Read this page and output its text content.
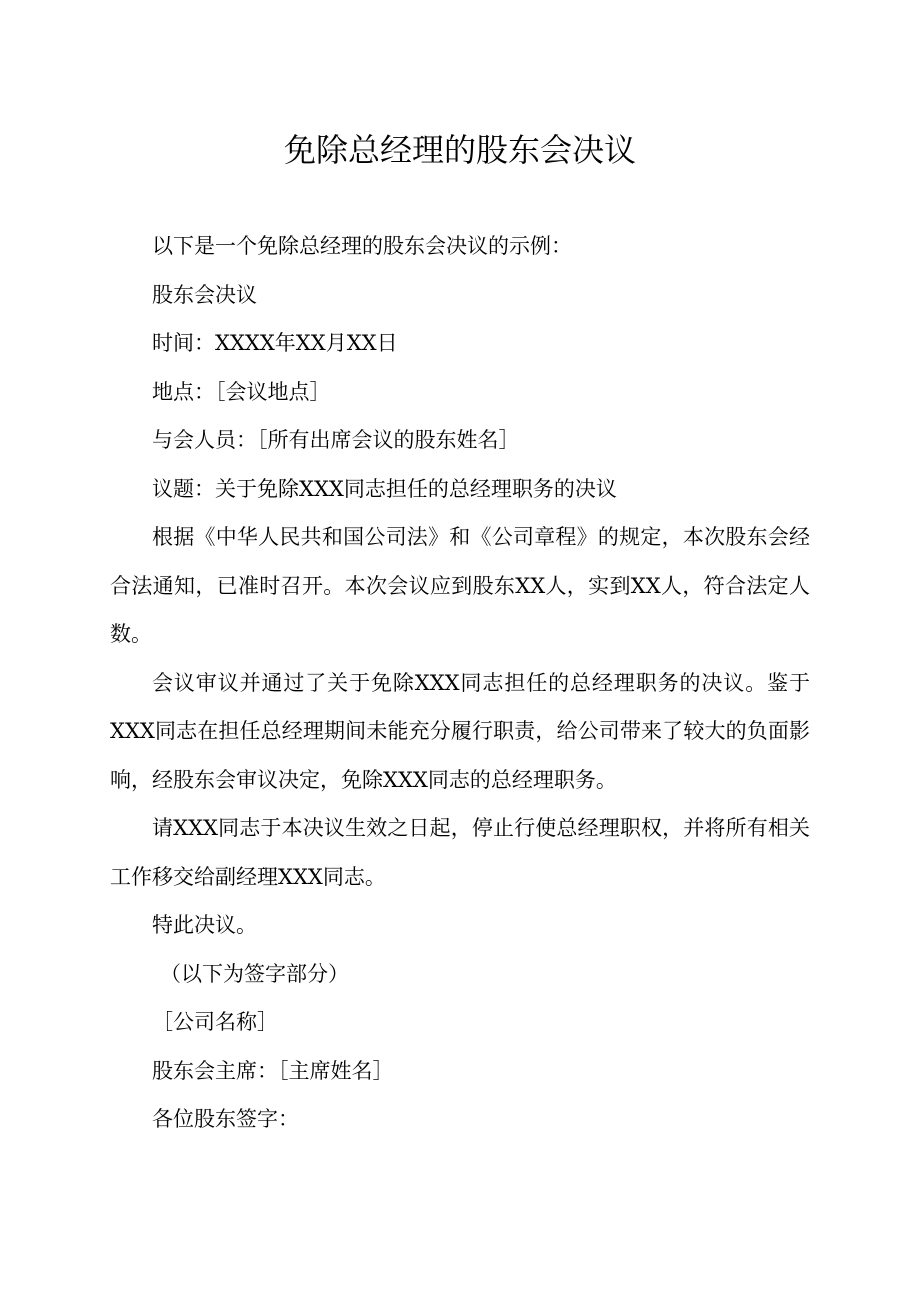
免除总经理的股东会决议

以下是一个免除总经理的股东会决议的示例：

股东会决议

时间：XXXX年XX月XX日

地点：［会议地点］

与会人员：［所有出席会议的股东姓名］

议题：关于免除XXX同志担任的总经理职务的决议

根据《中华人民共和国公司法》和《公司章程》的规定，本次股东会经合法通知，已准时召开。本次会议应到股东XX人，实到XX人，符合法定人数。

会议审议并通过了关于免除XXX同志担任的总经理职务的决议。鉴于XXX同志在担任总经理期间未能充分履行职责，给公司带来了较大的负面影响，经股东会审议决定，免除XXX同志的总经理职务。

请XXX同志于本决议生效之日起，停止行使总经理职权，并将所有相关工作移交给副经理XXX同志。

特此决议。

（以下为签字部分）

［公司名称］

股东会主席：［主席姓名］

各位股东签字：
